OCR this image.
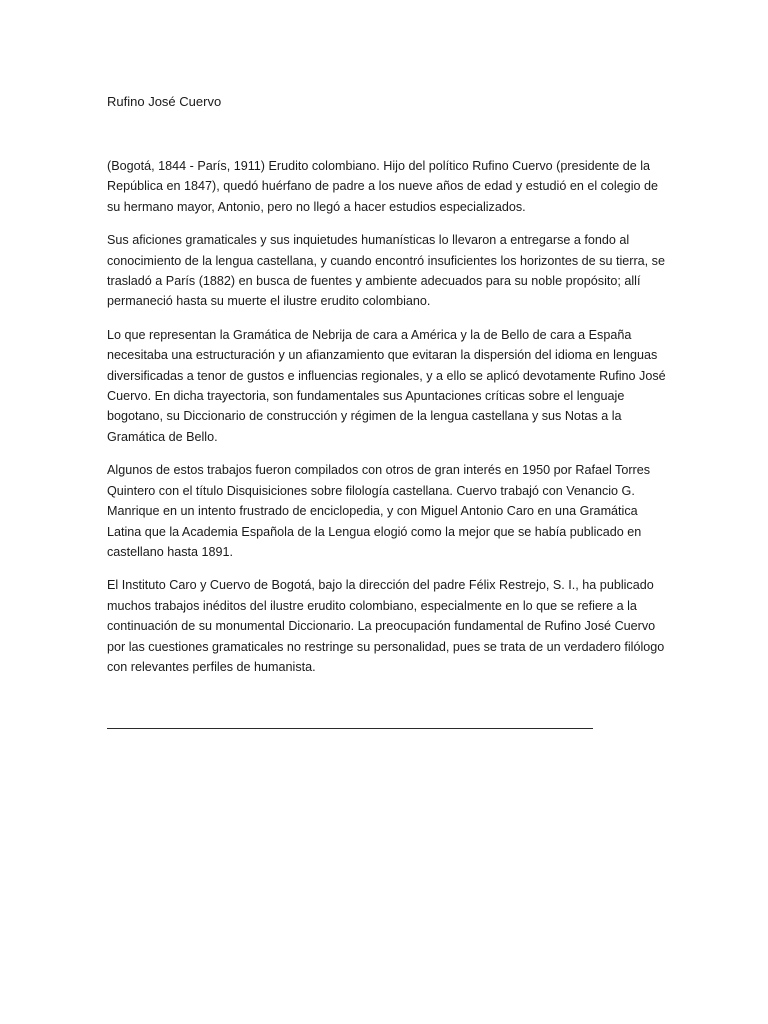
Rufino José Cuervo

(Bogotá, 1844 - París, 1911) Erudito colombiano. Hijo del político Rufino Cuervo (presidente de la República en 1847), quedó huérfano de padre a los nueve años de edad y estudió en el colegio de su hermano mayor, Antonio, pero no llegó a hacer estudios especializados.

Sus aficiones gramaticales y sus inquietudes humanísticas lo llevaron a entregarse a fondo al conocimiento de la lengua castellana, y cuando encontró insuficientes los horizontes de su tierra, se trasladó a París (1882) en busca de fuentes y ambiente adecuados para su noble propósito; allí permaneció hasta su muerte el ilustre erudito colombiano.

Lo que representan la Gramática de Nebrija de cara a América y la de Bello de cara a España necesitaba una estructuración y un afianzamiento que evitaran la dispersión del idioma en lenguas diversificadas a tenor de gustos e influencias regionales, y a ello se aplicó devotamente Rufino José Cuervo. En dicha trayectoria, son fundamentales sus Apuntaciones críticas sobre el lenguaje bogotano, su Diccionario de construcción y régimen de la lengua castellana y sus Notas a la Gramática de Bello.

Algunos de estos trabajos fueron compilados con otros de gran interés en 1950 por Rafael Torres Quintero con el título Disquisiciones sobre filología castellana. Cuervo trabajó con Venancio G. Manrique en un intento frustrado de enciclopedia, y con Miguel Antonio Caro en una Gramática Latina que la Academia Española de la Lengua elogió como la mejor que se había publicado en castellano hasta 1891.

El Instituto Caro y Cuervo de Bogotá, bajo la dirección del padre Félix Restrejo, S. I., ha publicado muchos trabajos inéditos del ilustre erudito colombiano, especialmente en lo que se refiere a la continuación de su monumental Diccionario. La preocupación fundamental de Rufino José Cuervo por las cuestiones gramaticales no restringe su personalidad, pues se trata de un verdadero filólogo con relevantes perfiles de humanista.
